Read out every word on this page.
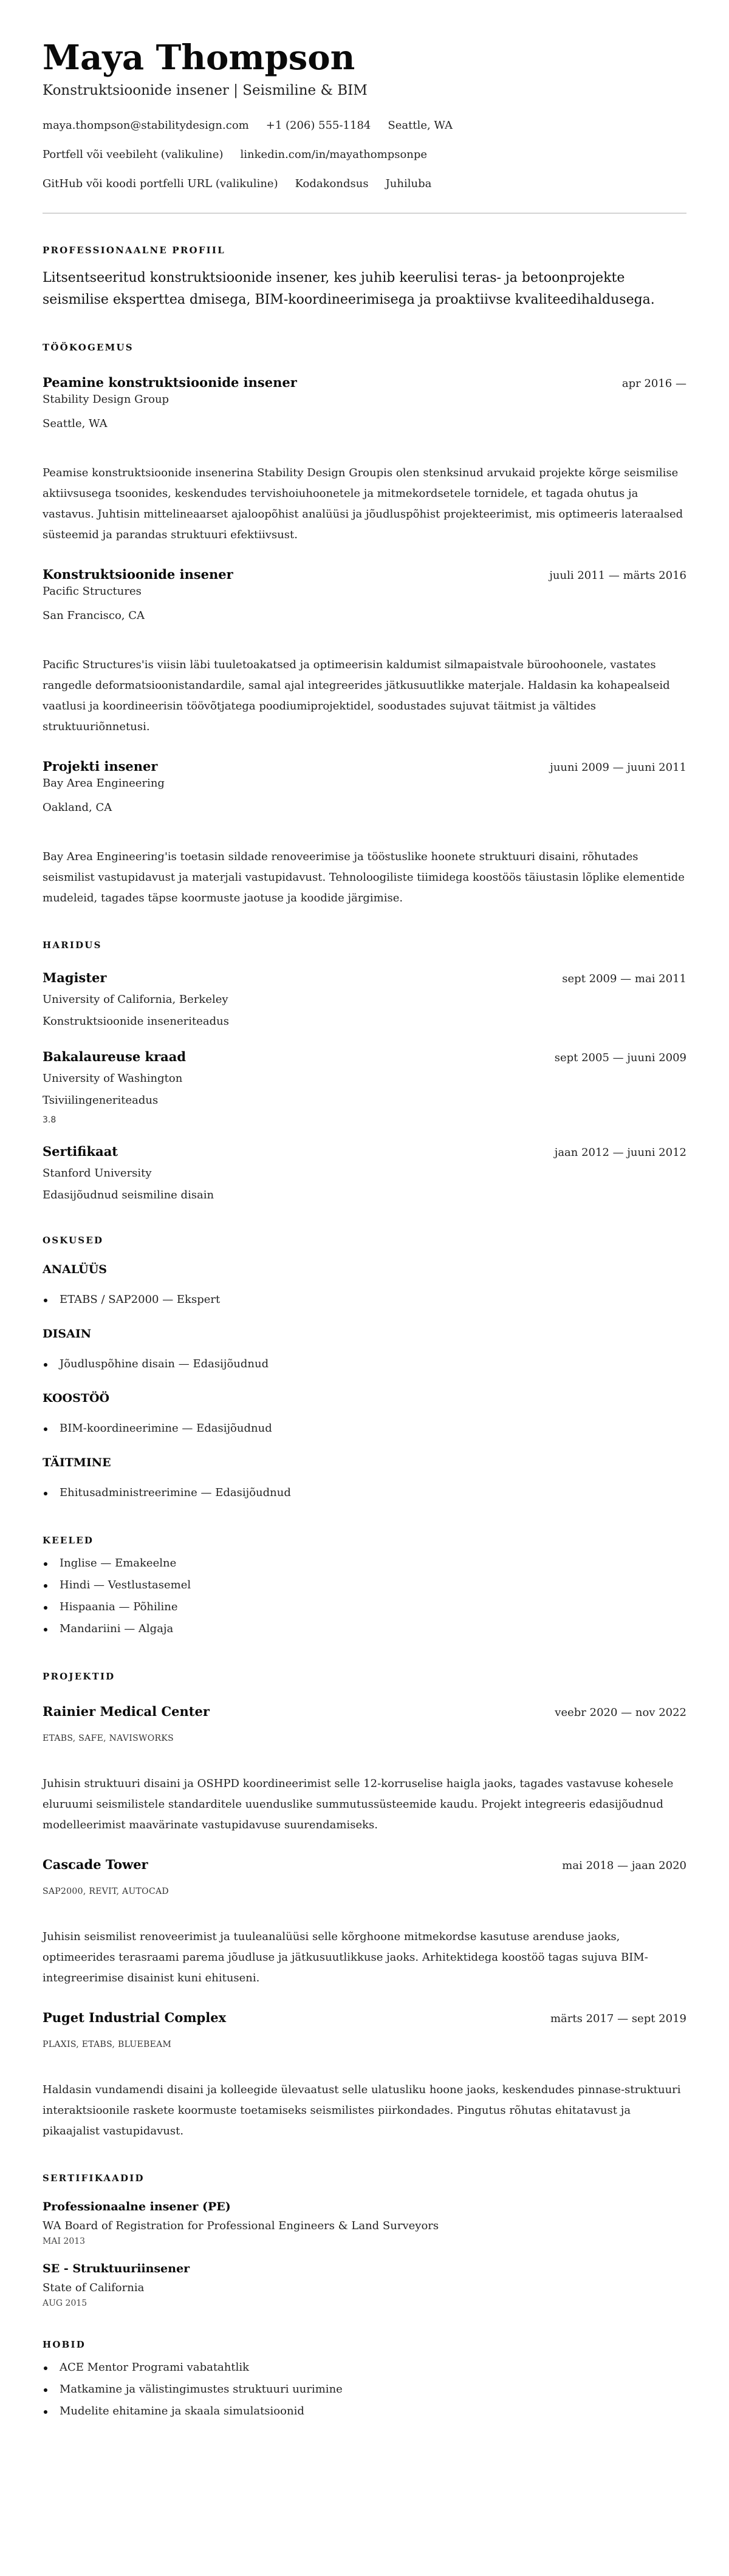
Maya Thompson
Konstruktsioonide insener | Seismiline & BIM
maya.thompson@stabilitydesign.com +1 (206) 555-1184 Seattle, WA
Portfell või veebileht (valikuline) linkedin.com/in/mayathompsonpe
GitHub või koodi portfelli URL (valikuline) Kodakondsus Juhiluba
PROFESSIONAALNE PROFIIL

Litsentseeritud konstruktsioonide insener, kes juhib keerulisi teras- ja betoonprojekte seismilise eksperttea dmisega, BIM-koordineerimisega ja proaktiivse kvaliteedihaldusega.

TÖÖKOGEMUS
Peamine konstruktsioonide insener	apr 2016 —
Stability Design Group
Seattle, WA

Peamise konstruktsioonide insenerina Stability Design Groupis olen stenksinud arvukaid projekte kõrge seismilise aktiivsusega tsoonides, keskendudes tervishoiuhoonetele ja mitmekordsetele tornidele, et tagada ohutus ja vastavus. Juhtisin mittelineaarset ajaloopõhist analüüsi ja jõudluspõhist projekteerimist, mis optimeeris lateraalsed süsteemid ja parandas struktuuri efektiivsust.

Konstruktsioonide insener	juuli 2011 — märts 2016
Pacific Structures
San Francisco, CA

Pacific Structures'is viisin läbi tuuletoakatsed ja optimeerisin kaldumist silmapaistvale büroohoonele, vastates rangedle deformatsioonistandardile, samal ajal integreerides jätkusuutlikke materjale. Haldasin ka kohapealseid vaatlusi ja koordineerisin töövõtjatega poodiumiprojektidel, soodustades sujuvat täitmist ja vältides struktuuriõnnetusi.

Projekti insener	juuni 2009 — juuni 2011
Bay Area Engineering
Oakland, CA

Bay Area Engineering'is toetasin sildade renoveerimise ja tööstuslike hoonete struktuuri disaini, rõhutades seismilist vastupidavust ja materjali vastupidavust. Tehnoloogiliste tiimidega koostöös täiustasin lõplike elementide mudeleid, tagades täpse koormuste jaotuse ja koodide järgimise.

HARIDUS
Magister	sept 2009 — mai 2011
University of California, Berkeley
Konstruktsioonide inseneriteadus
Bakalaureuse kraad	sept 2005 — juuni 2009
University of Washington
Tsiviilingeneriteadus
3.8
Sertifikaat	jaan 2012 — juuni 2012
Stanford University
Edasijõudnud seismiline disain
OSKUSED
ANALÜÜS
ETABS / SAP2000 — Ekspert
DISAIN
Jõudluspõhine disain — Edasijõudnud
KOOSTÖÖ
BIM-koordineerimine — Edasijõudnud
TÄITMINE
Ehitusadministreerimine — Edasijõudnud
KEELED
Inglise — Emakeelne
Hindi — Vestlustasemel
Hispaania — Põhiline
Mandariini — Algaja
PROJEKTID
Rainier Medical Center	veebr 2020 — nov 2022
ETABS, SAFE, NAVISWORKS

Juhisin struktuuri disaini ja OSHPD koordineerimist selle 12-korruselise haigla jaoks, tagades vastavuse kohesele eluruumi seismilistele standarditele uuenduslike summutussüsteemide kaudu. Projekt integreeris edasijõudnud modelleerimist maavärinate vastupidavuse suurendamiseks.

Cascade Tower	mai 2018 — jaan 2020
SAP2000, REVIT, AUTOCAD

Juhisin seismilist renoveerimist ja tuuleanalüüsi selle kõrghoone mitmekordse kasutuse arenduse jaoks, optimeerides terasraami parema jõudluse ja jätkusuutlikkuse jaoks. Arhitektidega koostöö tagas sujuva BIM-integreerimise disainist kuni ehituseni.

Puget Industrial Complex	märts 2017 — sept 2019
PLAXIS, ETABS, BLUEBEAM

Haldasin vundamendi disaini ja kolleegide ülevaatust selle ulatusliku hoone jaoks, keskendudes pinnase-struktuuri interaktsioonile raskete koormuste toetamiseks seismilistes piirkondades. Pingutus rõhutas ehitatavust ja pikaajalist vastupidavust.

SERTIFIKAADID
Professionaalne insener (PE)
WA Board of Registration for Professional Engineers & Land Surveyors
MAI 2013
SE - Struktuuriinsener
State of California
AUG 2015
HOBID
ACE Mentor Programi vabatahtlik
Matkamine ja välistingimustes struktuuri uurimine
Mudelite ehitamine ja skaala simulatsioonid
